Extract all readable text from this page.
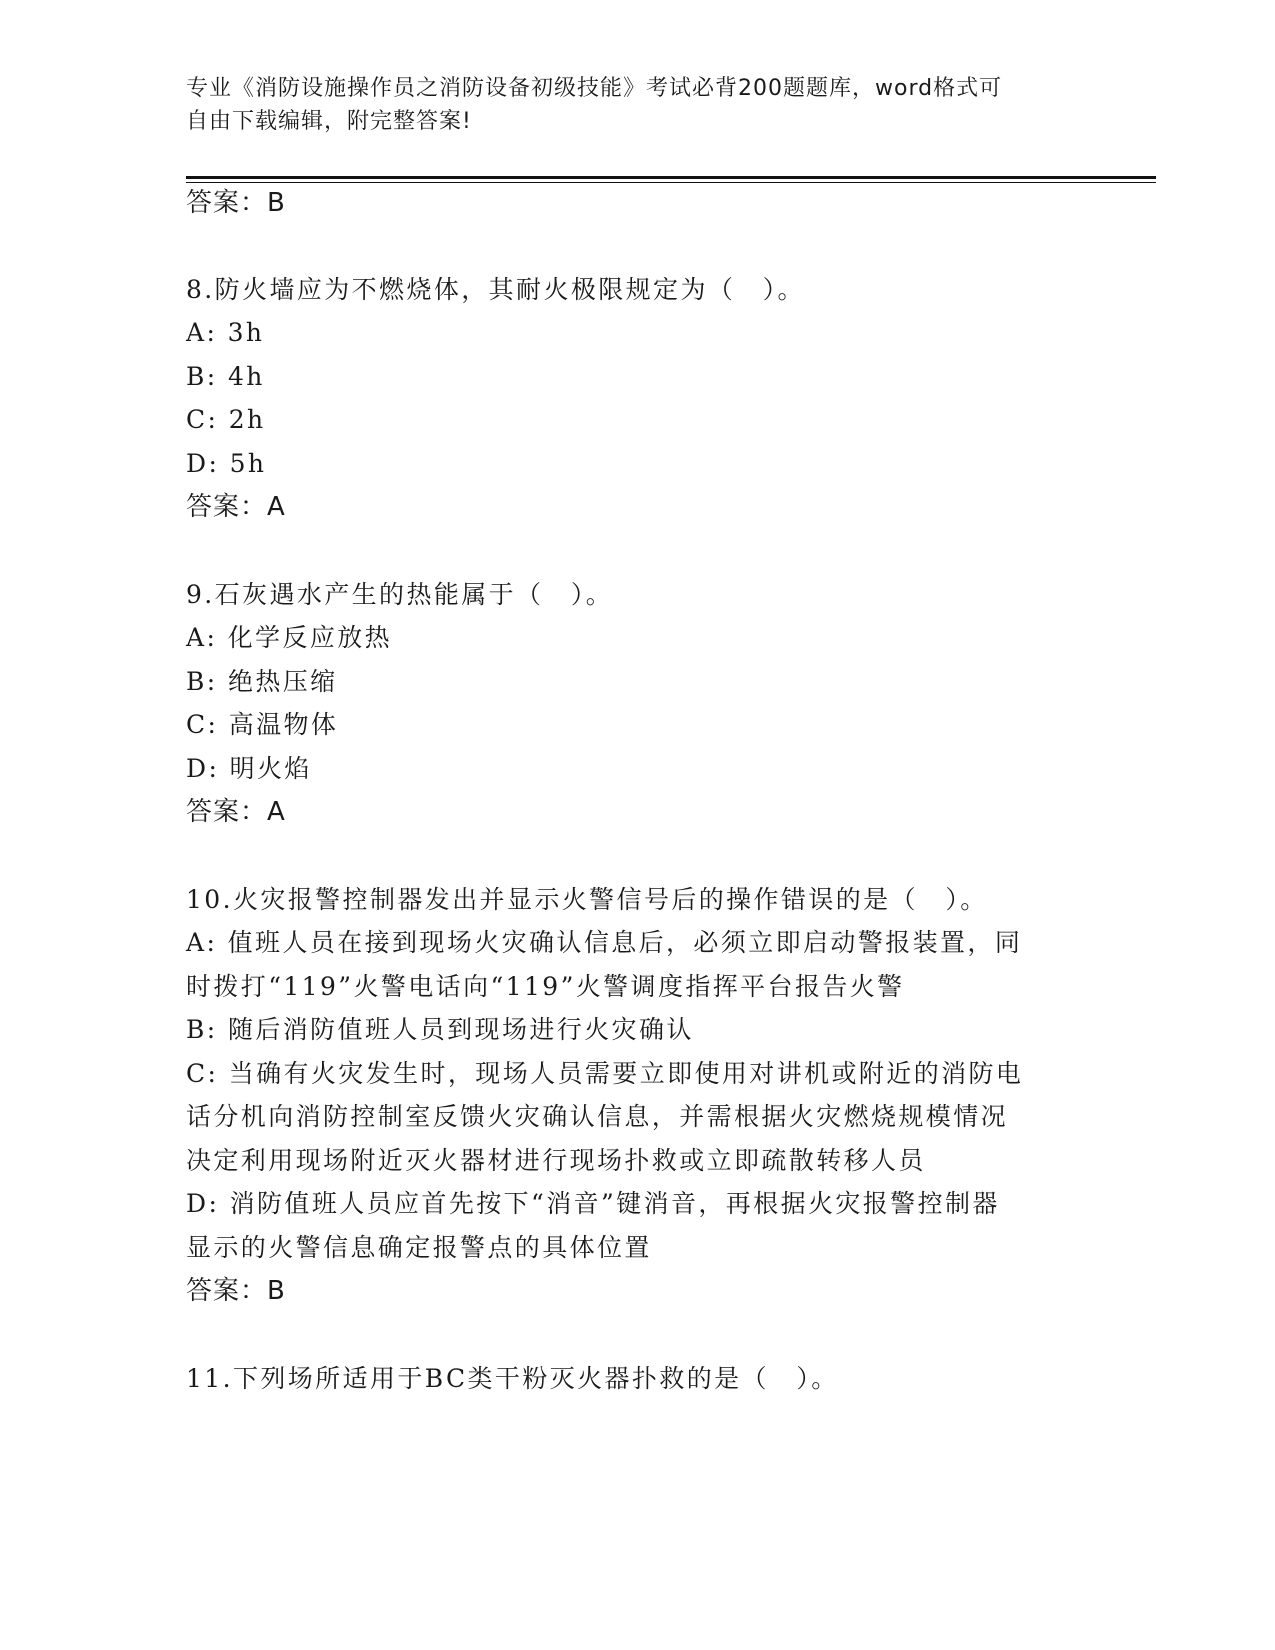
专业《消防设施操作员之消防设备初级技能》考试必背200题题库，word格式可
自由下载编辑，附完整答案!
答案：B
8.防火墙应为不燃烧体，其耐火极限规定为（　）。
A: 3h
B: 4h
C: 2h
D: 5h
答案：A
9.石灰遇水产生的热能属于（　）。
A: 化学反应放热
B: 绝热压缩
C: 高温物体
D: 明火焰
答案：A
10.火灾报警控制器发出并显示火警信号后的操作错误的是（　）。
A: 值班人员在接到现场火灾确认信息后，必须立即启动警报装置，同
时拨打“119”火警电话向“119”火警调度指挥平台报告火警
B: 随后消防值班人员到现场进行火灾确认
C: 当确有火灾发生时，现场人员需要立即使用对讲机或附近的消防电
话分机向消防控制室反馈火灾确认信息，并需根据火灾燃烧规模情况
决定利用现场附近灭火器材进行现场扑救或立即疏散转移人员
D: 消防值班人员应首先按下“消音”键消音，再根据火灾报警控制器
显示的火警信息确定报警点的具体位置
答案：B
11.下列场所适用于BC类干粉灭火器扑救的是（　）。
